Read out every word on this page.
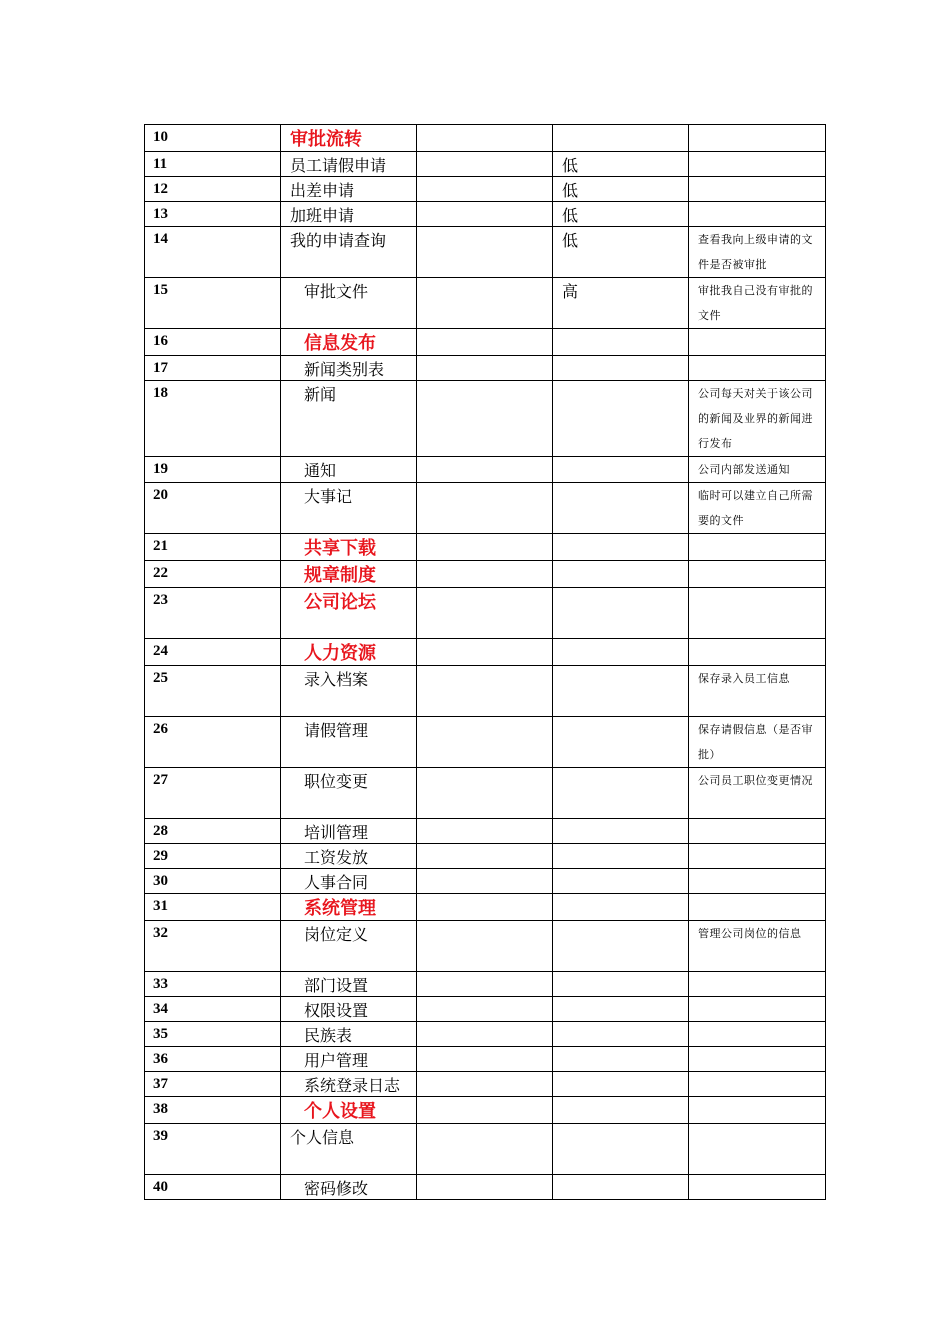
10	审批流转			
11	员工请假申请		低	
12	出差申请		低	
13	加班申请		低	
14	我的申请查询		低	查看我向上级申请的文件是否被审批
15	审批文件		高	审批我自己没有审批的文件
16	信息发布			
17	新闻类别表			
18	新闻			公司每天对关于该公司的新闻及业界的新闻进行发布
19	通知			公司内部发送通知
20	大事记			临时可以建立自己所需要的文件
21	共享下载			
22	规章制度			
23	公司论坛			
24	人力资源			
25	录入档案			保存录入员工信息
26	请假管理			保存请假信息（是否审批）
27	职位变更			公司员工职位变更情况
28	培训管理			
29	工资发放			
30	人事合同			
31	系统管理			
32	岗位定义			管理公司岗位的信息
33	部门设置			
34	权限设置			
35	民族表			
36	用户管理			
37	系统登录日志			
38	个人设置			
39	个人信息			
40	密码修改			
